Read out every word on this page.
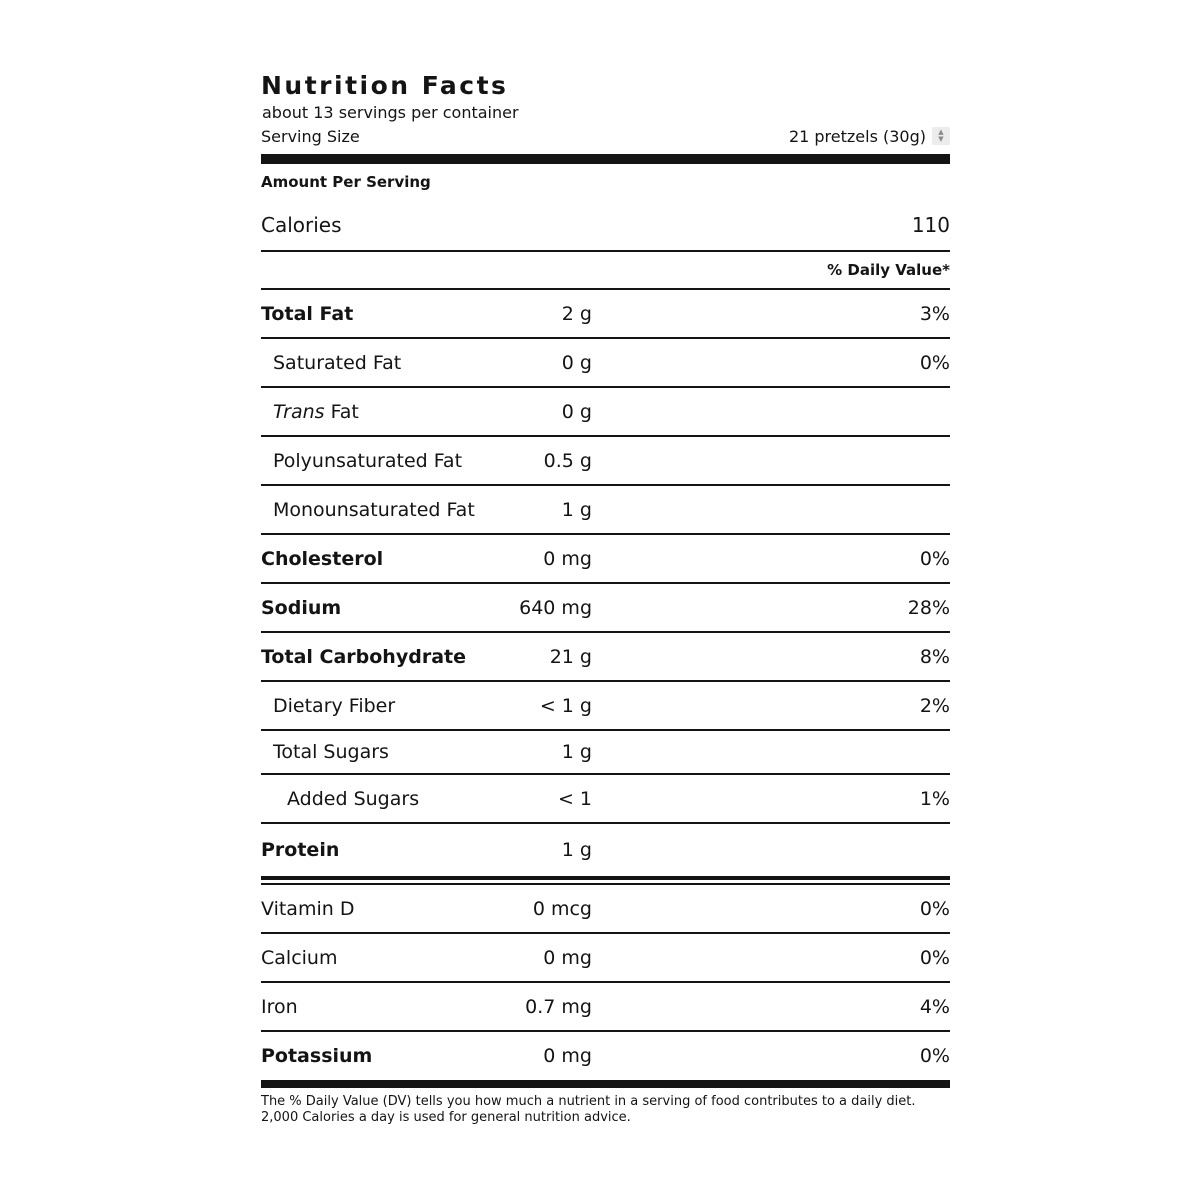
Nutrition Facts
about 13 servings per container
Serving Size	21 pretzels (30g) ▲
▼
Amount Per Serving
Calories	110
% Daily Value*
Total Fat	2 g	3%
Saturated Fat	0 g	0%
Trans Fat	0 g
Polyunsaturated Fat	0.5 g
Monounsaturated Fat	1 g
Cholesterol	0 mg	0%
Sodium	640 mg	28%
Total Carbohydrate	21 g	8%
Dietary Fiber	< 1 g	2%
Total Sugars	1 g
Added Sugars	< 1	1%
Protein	1 g
Vitamin D	0 mcg	0%
Calcium	0 mg	0%
Iron	0.7 mg	4%
Potassium	0 mg	0%
The % Daily Value (DV) tells you how much a nutrient in a serving of food contributes to a daily diet.
2,000 Calories a day is used for general nutrition advice.
